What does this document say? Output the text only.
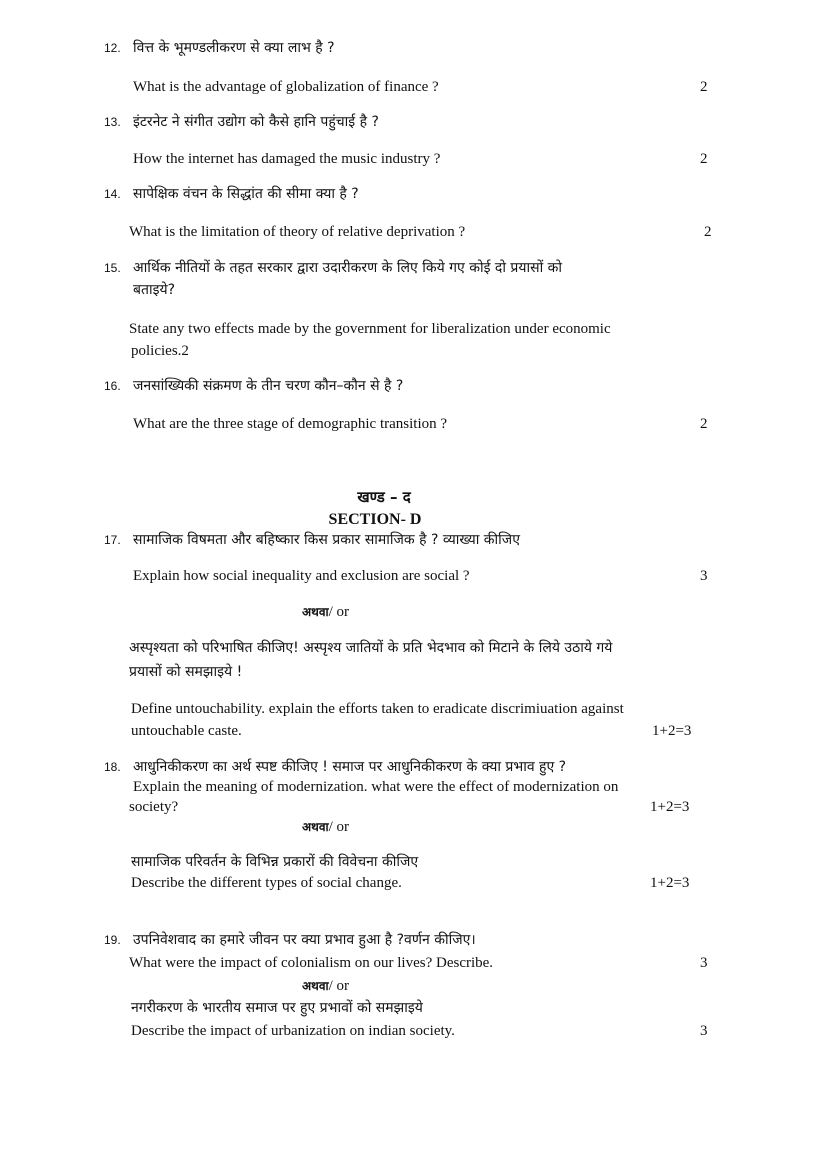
12. वित्त के भूमण्डलीकरण से क्या लाभ है ?
What is the advantage of globalization of finance ?	2
13. इंटरनेट ने संगीत उद्योग को कैसे हानि पहुंचाई है ?
How the internet has damaged the music industry ?	2
14. सापेक्षिक वंचन के सिद्धांत की सीमा क्या है ?
What is the limitation of theory of relative deprivation ?	2
15. आर्थिक नीतियों के तहत सरकार द्वारा उदारीकरण के लिए किये गए कोई दो प्रयासों को
बताइये?
State any two effects made by the government for liberalization under economic
policies.2
16. जनसांख्यिकी संक्रमण के तीन चरण कौन–कौन से है ?
What are the three stage of demographic transition ?	2
खण्ड – द
SECTION- D
17. सामाजिक विषमता और बहिष्कार किस प्रकार सामाजिक है ? व्याख्या कीजिए
Explain how social inequality and exclusion are social ?	3
अथवा/ or
अस्पृश्यता को परिभाषित कीजिए! अस्पृश्य जातियों के प्रति भेदभाव को मिटाने के लिये उठाये गये
प्रयासों को समझाइये !
Define untouchability. explain the efforts taken to eradicate discrimiuation against
untouchable caste.	1+2=3
18. आधुनिकीकरण का अर्थ स्पष्ट कीजिए ! समाज पर आधुनिकीकरण के क्या प्रभाव हुए ?
Explain the meaning of modernization. what were the effect of modernization on
society?	1+2=3
अथवा/ or
सामाजिक परिवर्तन के विभिन्न प्रकारों की विवेचना कीजिए
Describe the different types of social change.	1+2=3
19. उपनिवेशवाद का हमारे जीवन पर क्या प्रभाव हुआ है ?वर्णन कीजिए।
What were the impact of colonialism on our lives? Describe.	3
अथवा/ or
नगरीकरण के भारतीय समाज पर हुए प्रभावों को समझाइये
Describe the impact of urbanization on indian society.	3
